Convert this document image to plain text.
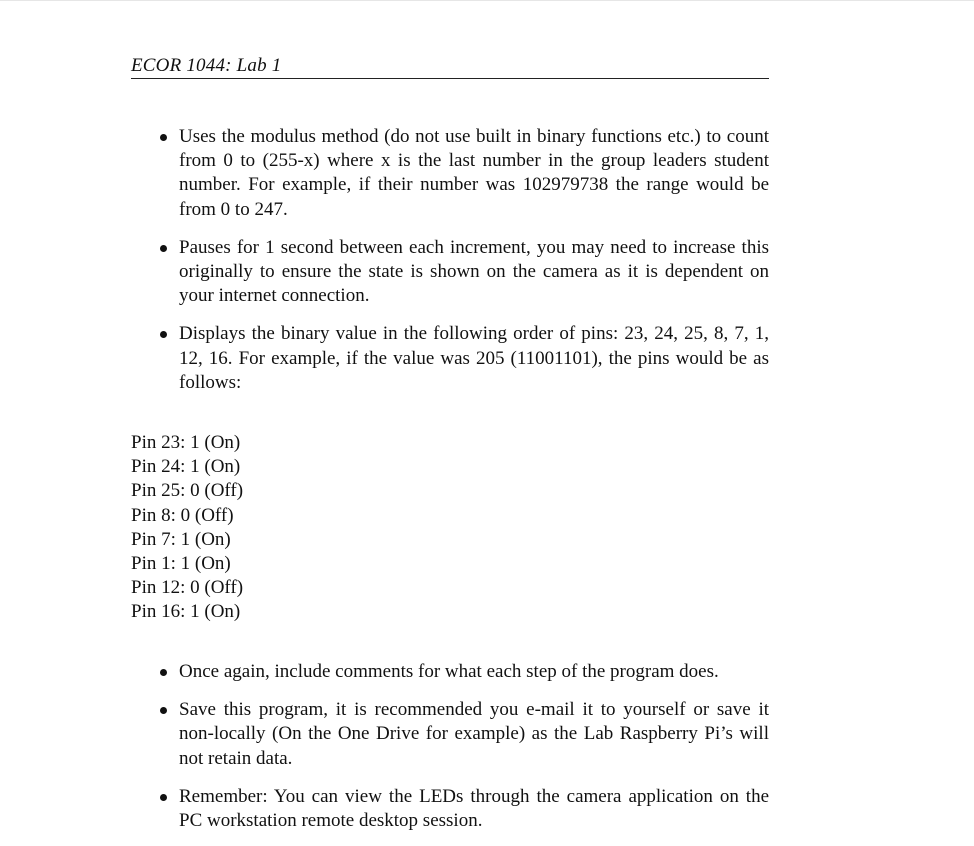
ECOR 1044: Lab 1
Uses the modulus method (do not use built in binary functions etc.) to count from 0 to (255-x) where x is the last number in the group leaders student number. For example, if their number was 102979738 the range would be from 0 to 247.
Pauses for 1 second between each increment, you may need to increase this originally to ensure the state is shown on the camera as it is dependent on your internet connection.
Displays the binary value in the following order of pins: 23, 24, 25, 8, 7, 1, 12, 16. For example, if the value was 205 (11001101), the pins would be as follows:
Pin 23: 1 (On)
Pin 24: 1 (On)
Pin 25: 0 (Off)
Pin 8: 0 (Off)
Pin 7: 1 (On)
Pin 1: 1 (On)
Pin 12: 0 (Off)
Pin 16: 1 (On)
Once again, include comments for what each step of the program does.
Save this program, it is recommended you e-mail it to yourself or save it non-locally (On the One Drive for example) as the Lab Raspberry Pi’s will not retain data.
Remember: You can view the LEDs through the camera application on the PC workstation remote desktop session.
